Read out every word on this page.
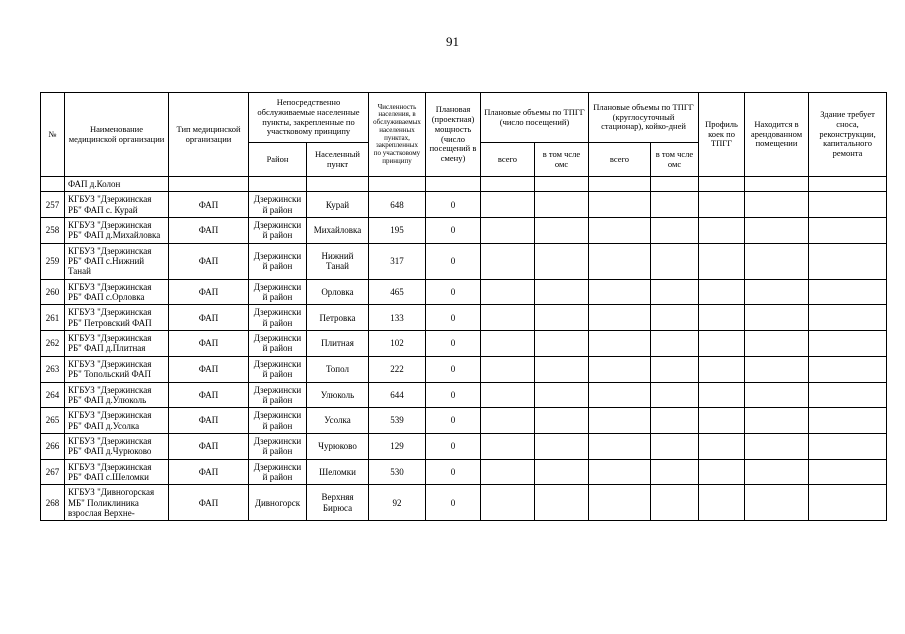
91
№	Наименование медицинской организации	Тип медицинской организации	Непосредственно обслуживаемые населенные пункты, закрепленные по участковому принципу		Численность населения, в обслуживаемых населенных пунктах, закрепленных по участковому принципу	Плановая (проектная) мощность (число посещений в смену)	Плановые объемы по ТПГГ (число посещений)		Плановые объемы по ТПГГ (круглосуточный стационар), койко-дней		Профиль коек по ТПГГ	Находится в арендованном помещении	Здание требует сноса, реконструкции, капитального ремонта
			Район	Населенный пункт			всего	в том чсле омс	всего	в том чсле омс			
	ФАП д.Колон												
257	КГБУЗ "Дзержинская РБ" ФАП с. Курай	ФАП	Дзержинский район	Курай	648	0							
258	КГБУЗ "Дзержинская РБ" ФАП д.Михайловка	ФАП	Дзержинский район	Михайловка	195	0							
259	КГБУЗ "Дзержинская РБ" ФАП с.Нижний Танай	ФАП	Дзержинский район	Нижний Танай	317	0							
260	КГБУЗ "Дзержинская РБ" ФАП с.Орловка	ФАП	Дзержинский район	Орловка	465	0							
261	КГБУЗ "Дзержинская РБ" Петровский ФАП	ФАП	Дзержинский район	Петровка	133	0							
262	КГБУЗ "Дзержинская РБ" ФАП д.Плитная	ФАП	Дзержинский район	Плитная	102	0							
263	КГБУЗ "Дзержинская РБ" Топольский ФАП	ФАП	Дзержинский район	Топол	222	0							
264	КГБУЗ "Дзержинская РБ" ФАП д.Улюколь	ФАП	Дзержинский район	Улюколь	644	0							
265	КГБУЗ "Дзержинская РБ" ФАП д.Усолка	ФАП	Дзержинский район	Усолка	539	0							
266	КГБУЗ "Дзержинская РБ" ФАП д.Чурюково	ФАП	Дзержинский район	Чурюково	129	0							
267	КГБУЗ "Дзержинская РБ" ФАП с.Шеломки	ФАП	Дзержинский район	Шеломки	530	0							
268	КГБУЗ "Дивногорская МБ" Поликлиника взрослая Верхне-	ФАП	Дивногорск	Верхняя Бирюса	92	0							
